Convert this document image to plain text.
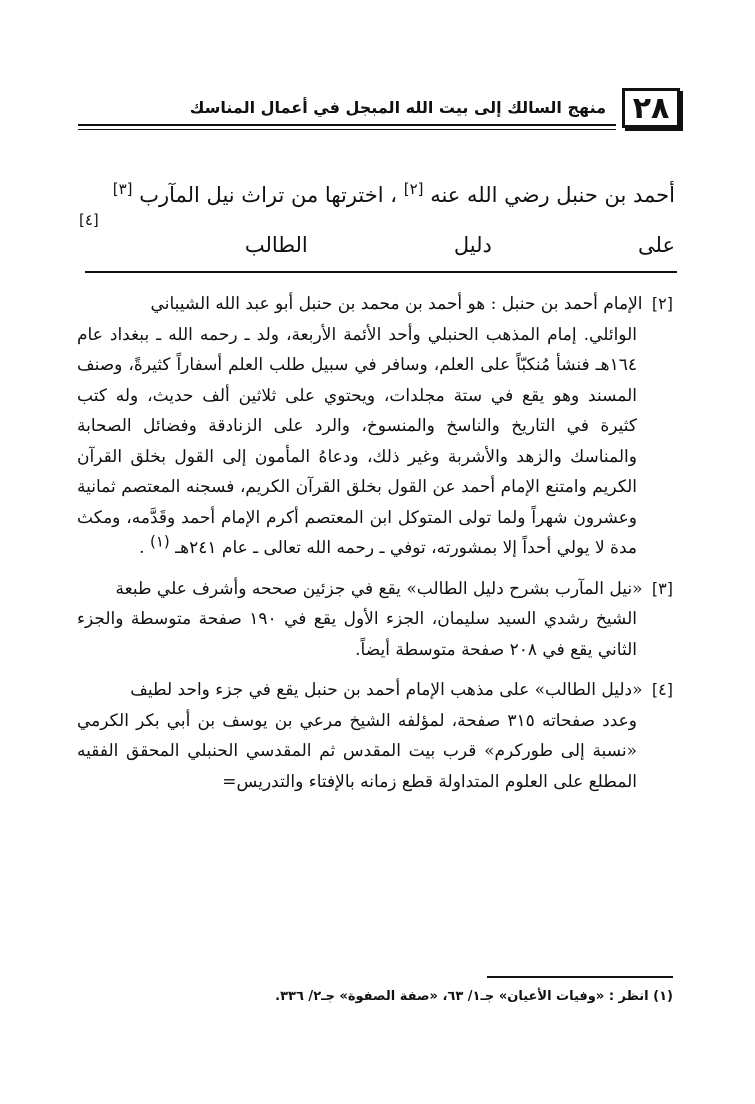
٢٨
منهج السالك إلى بيت الله المبجل في أعمال المناسك

أحمد بن حنبل رضي الله عنه [٢] ، اخترتها من تراث نيل المآرب [٣]

على
دليل
الطالب
[٤]

[٢] الإمام أحمد بن حنبل : هو أحمد بن محمد بن حنبل أبو عبد الله الشيباني
الوائلي. إمام المذهب الحنبلي وأحد الأئمة الأربعة، ولد ـ رحمه الله ـ ببغداد عام ١٦٤هـ فنشأ مُنكبّاً على العلم، وسافر في سبيل طلب العلم أسفاراً كثيرةً، وصنف المسند وهو يقع في ستة مجلدات، ويحتوي على ثلاثين ألف حديث، وله كتب كثيرة في التاريخ والناسخ والمنسوخ، والرد على الزنادقة وفضائل الصحابة والمناسك والزهد والأشربة وغير ذلك، ودعاهُ المأمون إلى القول بخلق القرآن الكريم وامتنع الإمام أحمد عن القول بخلق القرآن الكريم، فسجنه المعتصم ثمانية وعشرون شهراً ولما تولى المتوكل ابن المعتصم أكرم الإمام أحمد وقَدَّمه، ومكث مدة لا يولي أحداً إلا بمشورته، توفي ـ رحمه الله تعالى ـ عام ٢٤١هـ (١) .

[٣] «نيل المآرب بشرح دليل الطالب» يقع في جزئين صححه وأشرف علي طبعة
الشيخ رشدي السيد سليمان، الجزء الأول يقع في ١٩٠ صفحة متوسطة والجزء الثاني يقع في ٢٠٨ صفحة متوسطة أيضاً.

[٤] «دليل الطالب» على مذهب الإمام أحمد بن حنبل يقع في جزء واحد لطيف
وعدد صفحاته ٣١٥ صفحة، لمؤلفه الشيخ مرعي بن يوسف بن أبي بكر الكرمي «نسبة إلى طوركرم» قرب بيت المقدس ثم المقدسي الحنبلي المحقق الفقيه المطلع على العلوم المتداولة قطع زمانه بالإفتاء والتدريس=

(١) انظر : «وفيات الأعيان» جـ١/ ٦٣، «صفة الصفوة» جـ٢/ ٣٣٦.
